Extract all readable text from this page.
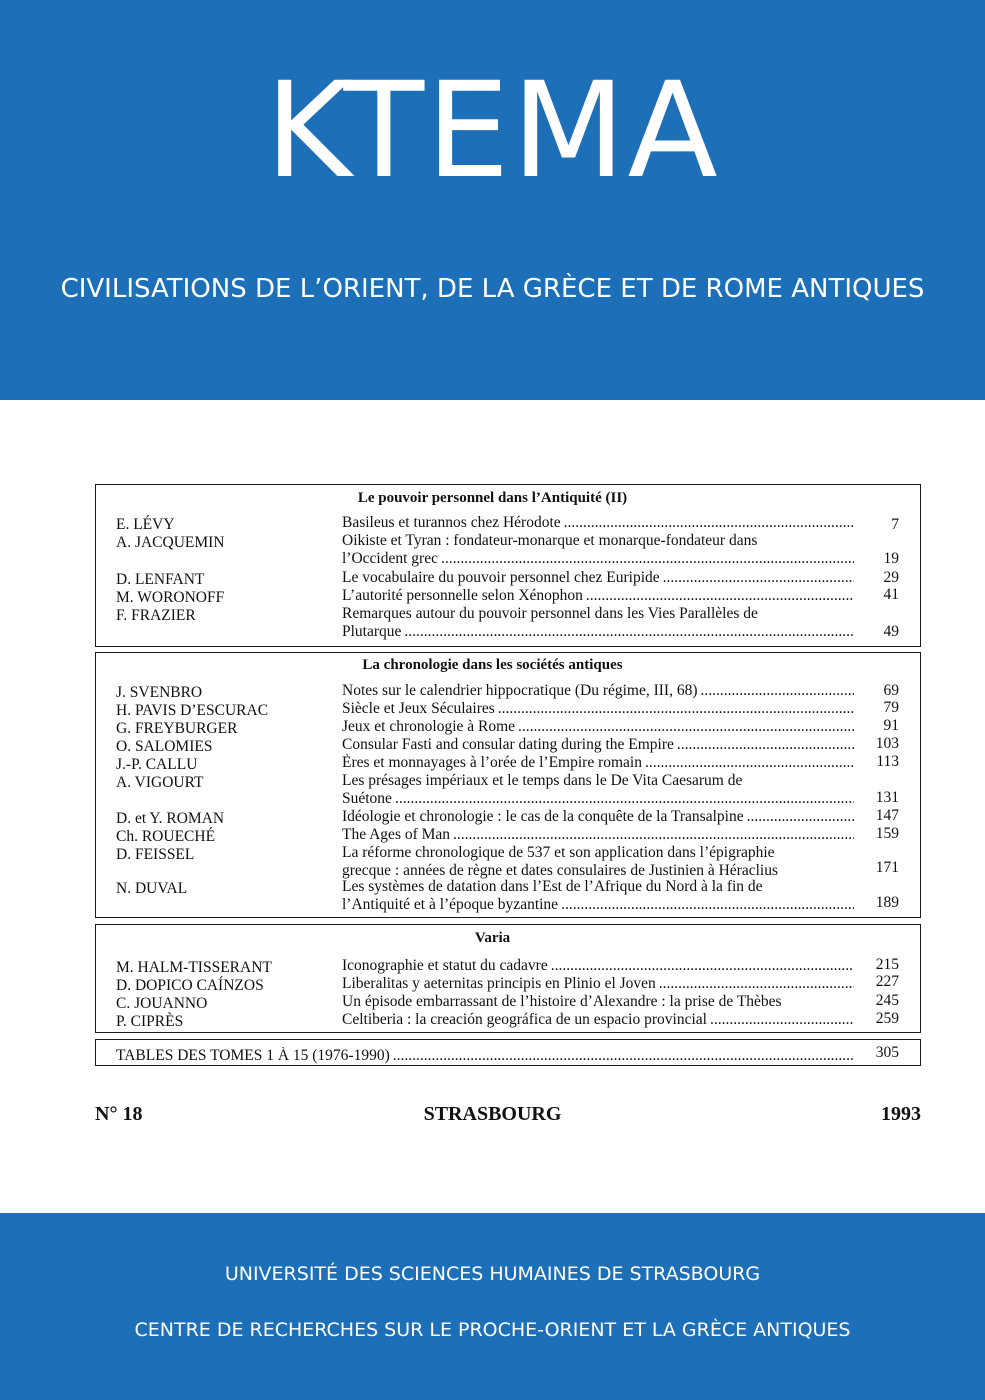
KTEMA
CIVILISATIONS DE L’ORIENT, DE LA GRÈCE ET DE ROME ANTIQUES
Le pouvoir personnel dans l’Antiquité (II)
La chronologie dans les sociétés antiques
Varia
E. LÉVY	Basileus et turannos chez Hérodote .....	7
A. JACQUEMIN	Oikiste et Tyran : fondateur-monarque et monarque-fondateur dans
l’Occident grec .....	19
D. LENFANT	Le vocabulaire du pouvoir personnel chez Euripide .....	29
M. WORONOFF	L’autorité personnelle selon Xénophon .....	41
F. FRAZIER	Remarques autour du pouvoir personnel dans les Vies Parallèles de
Plutarque .....	49
J. SVENBRO	Notes sur le calendrier hippocratique (Du régime, III, 68) .....	69
H. PAVIS D’ESCURAC	Siècle et Jeux Séculaires .....	79
G. FREYBURGER	Jeux et chronologie à Rome .....	91
O. SALOMIES	Consular Fasti and consular dating during the Empire .....	103
J.-P. CALLU	Ères et monnayages à l’orée de l’Empire romain .....	113
A. VIGOURT	Les présages impériaux et le temps dans le De Vita Caesarum de
Suétone .....	131
D. et Y. ROMAN	Idéologie et chronologie : le cas de la conquête de la Transalpine .....	147
Ch. ROUECHÉ	The Ages of Man .....	159
D. FEISSEL	La réforme chronologique de 537 et son application dans l’épigraphie
grecque : années de règne et dates consulaires de Justinien à Héraclius	171
N. DUVAL	Les systèmes de datation dans l’Est de l’Afrique du Nord à la fin de
l’Antiquité et à l’époque byzantine .....	189
M. HALM-TISSERANT	Iconographie et statut du cadavre .....	215
D. DOPICO CAÍNZOS	Liberalitas y aeternitas principis en Plinio el Joven .....	227
C. JOUANNO	Un épisode embarrassant de l’histoire d’Alexandre : la prise de Thèbes	245
P. CIPRÈS	Celtiberia : la creación geográfica de un espacio provincial .....	259
TABLES DES TOMES 1 À 15 (1976-1990) .....	305
STRASBOURG
N° 18	1993
UNIVERSITÉ DES SCIENCES HUMAINES DE STRASBOURG
CENTRE DE RECHERCHES SUR LE PROCHE-ORIENT ET LA GRÈCE ANTIQUES
